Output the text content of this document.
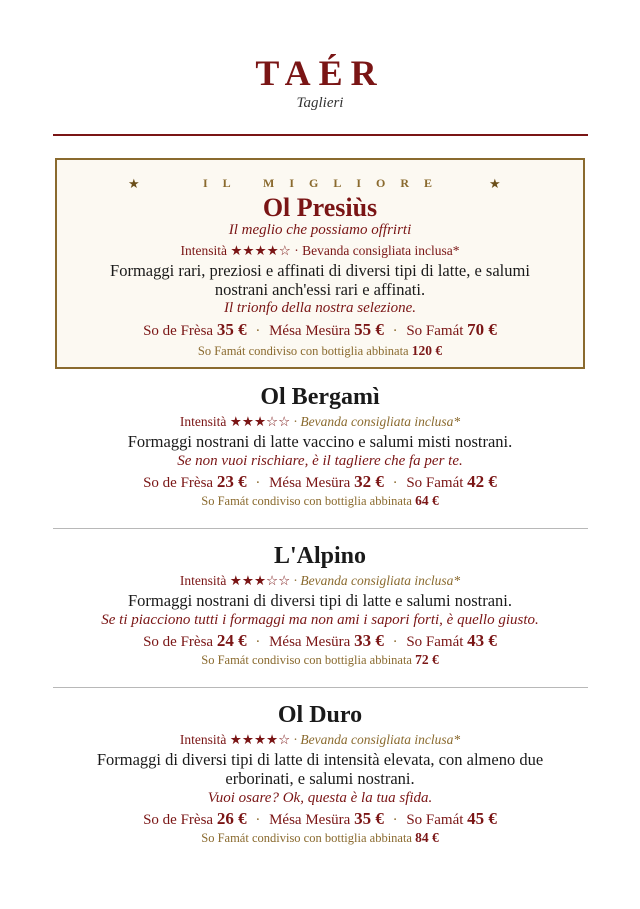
TAÉR
Taglieri
★	★
IL MIGLIORE
Ol Presiùs
Il meglio che possiamo offrirti
Intensità ★★★★☆ · Bevanda consigliata inclusa*
Formaggi rari, preziosi e affinati di diversi tipi di latte, e salumi
nostrani anch'essi rari e affinati.
Il trionfo della nostra selezione.
So de Frèsa 35 € · Mésa Mesüra 55 € · So Famát 70 €
So Famát condiviso con bottiglia abbinata 120 €
Ol Bergamì
Intensità ★★★☆☆ · Bevanda consigliata inclusa*
Formaggi nostrani di latte vaccino e salumi misti nostrani.
Se non vuoi rischiare, è il tagliere che fa per te.
So de Frèsa 23 € · Mésa Mesüra 32 € · So Famát 42 €
So Famát condiviso con bottiglia abbinata 64 €
L'Alpino
Intensità ★★★☆☆ · Bevanda consigliata inclusa*
Formaggi nostrani di diversi tipi di latte e salumi nostrani.
Se ti piacciono tutti i formaggi ma non ami i sapori forti, è quello giusto.
So de Frèsa 24 € · Mésa Mesüra 33 € · So Famát 43 €
So Famát condiviso con bottiglia abbinata 72 €
Ol Duro
Intensità ★★★★☆ · Bevanda consigliata inclusa*
Formaggi di diversi tipi di latte di intensità elevata, con almeno due
erborinati, e salumi nostrani.
Vuoi osare? Ok, questa è la tua sfida.
So de Frèsa 26 € · Mésa Mesüra 35 € · So Famát 45 €
So Famát condiviso con bottiglia abbinata 84 €
